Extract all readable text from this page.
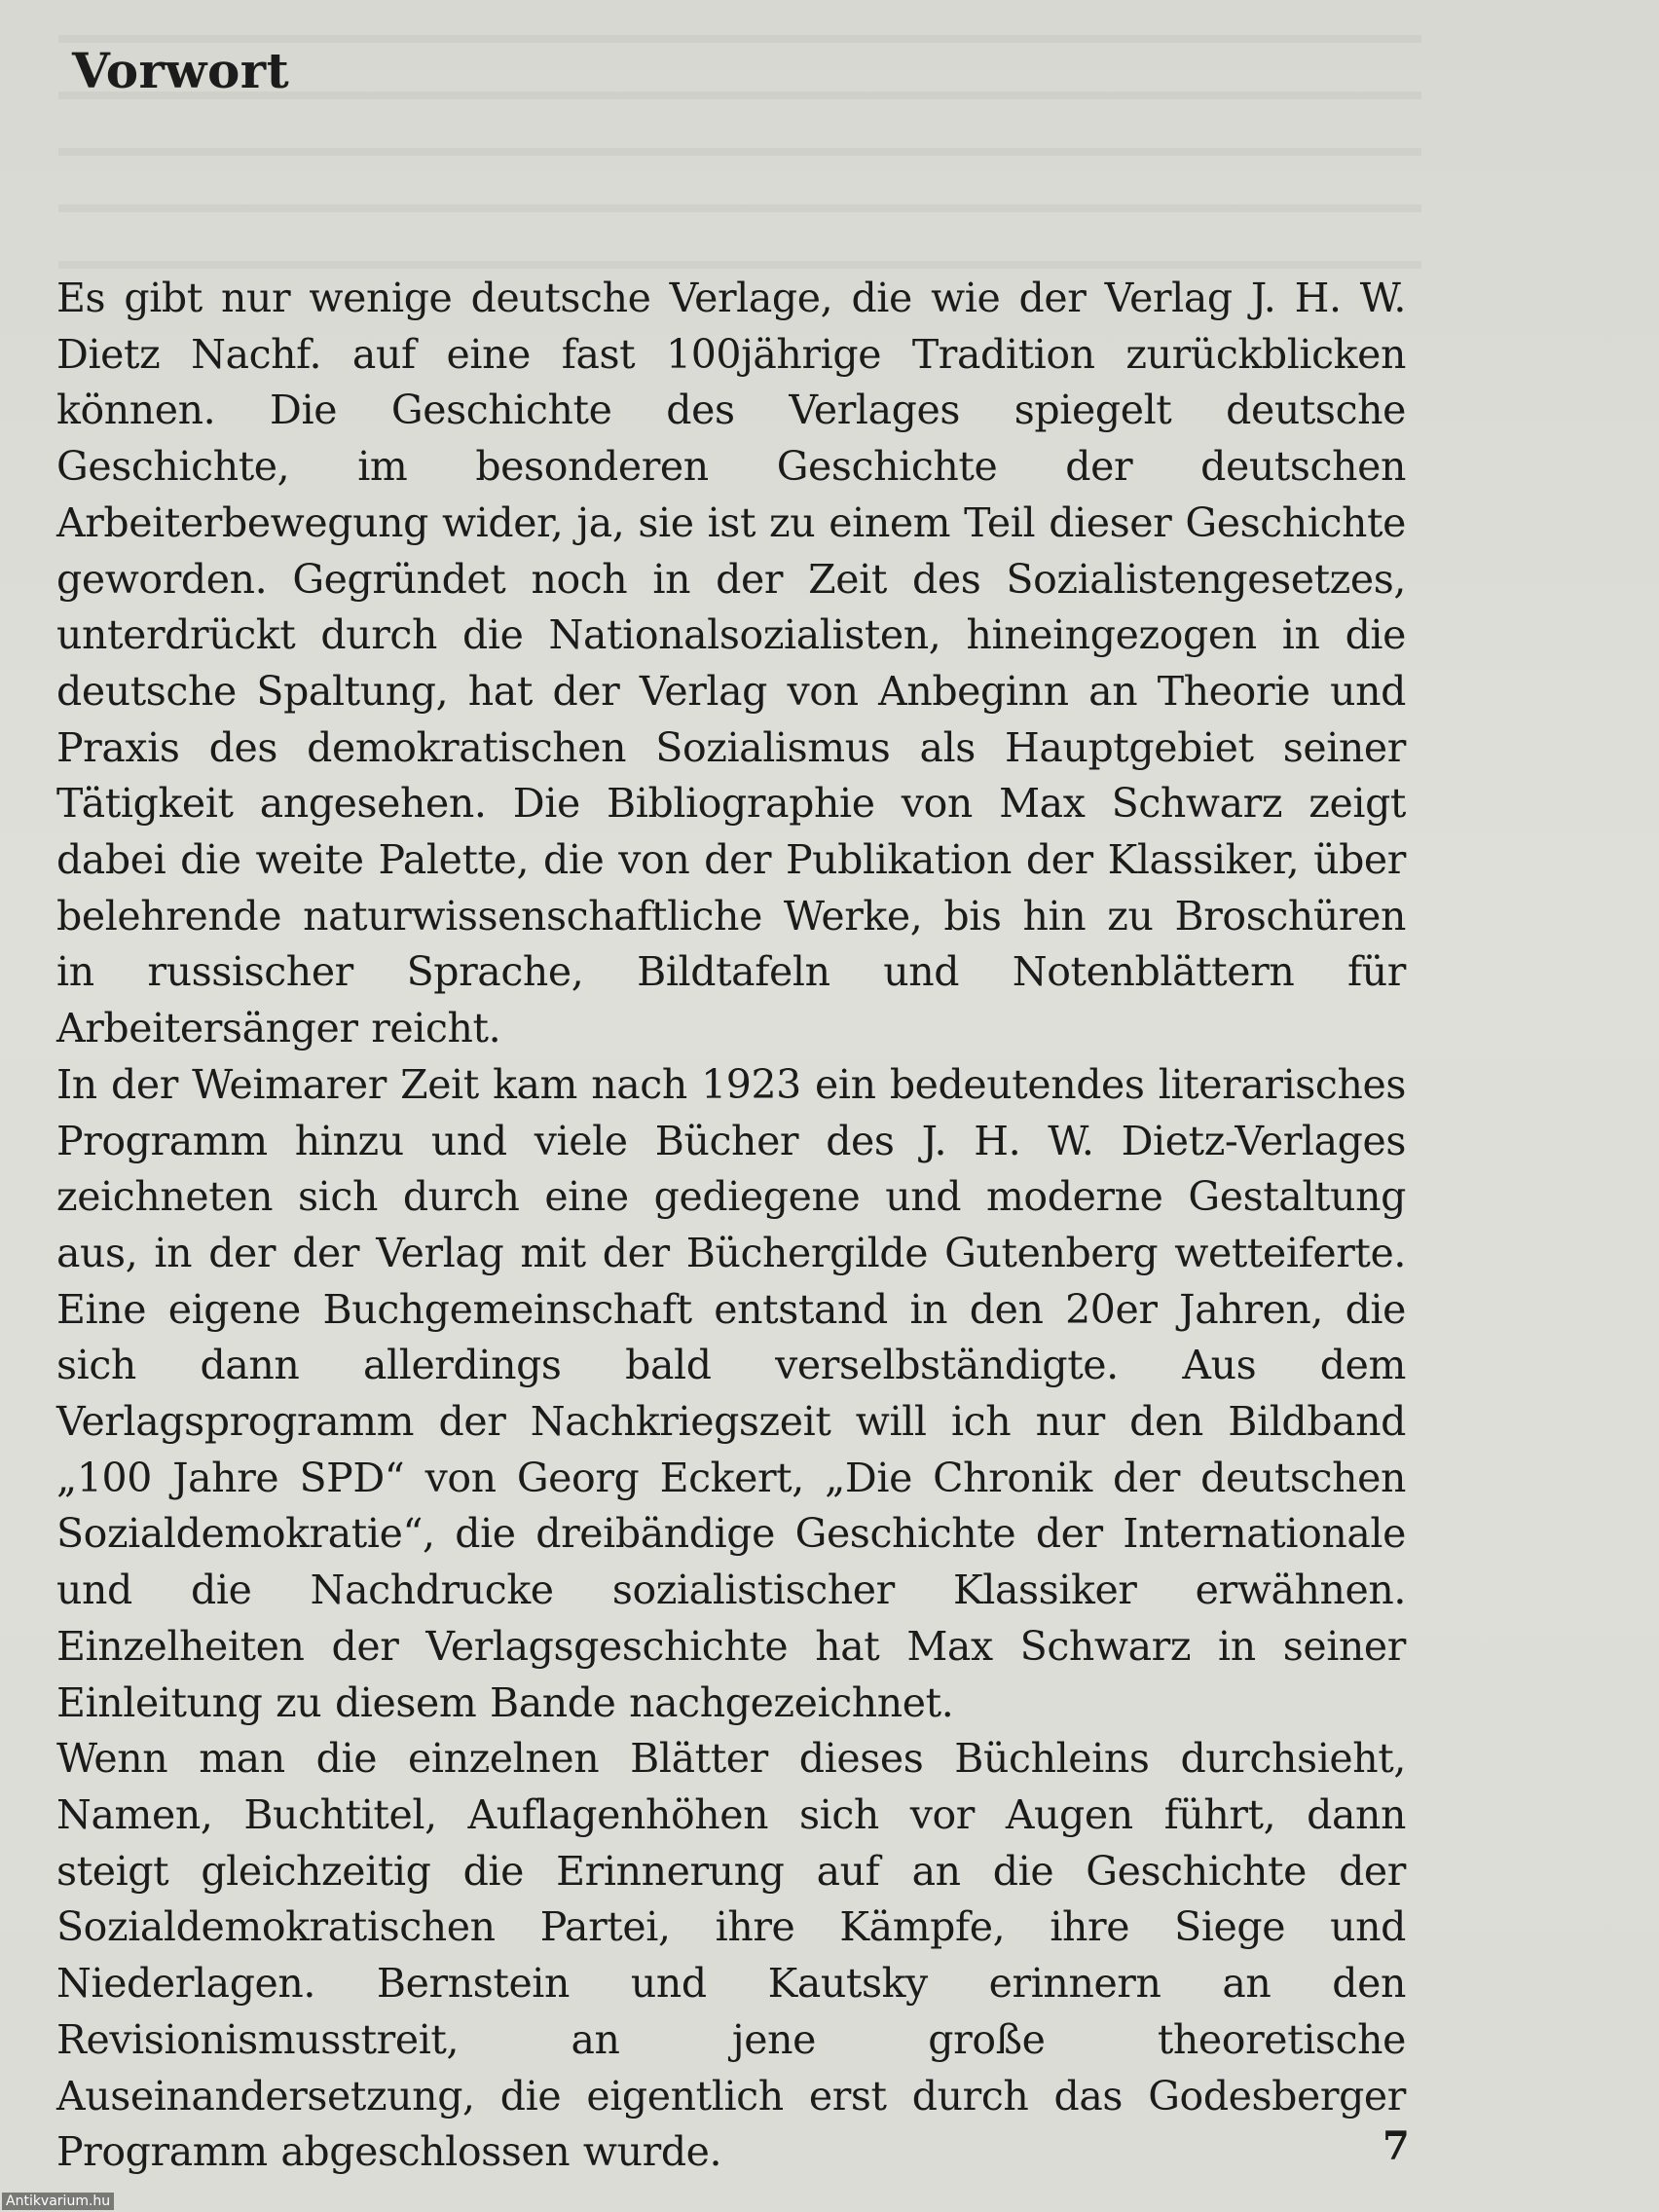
Vorwort

Es gibt nur wenige deutsche Verlage, die wie der Verlag J. H. W. Dietz Nachf. auf eine fast 100jährige Tradition zurückblicken können. Die Geschichte des Verlages spiegelt deutsche Geschichte, im besonderen Geschichte der deutschen Arbeiterbewegung wider, ja, sie ist zu einem Teil dieser Geschichte geworden. Gegründet noch in der Zeit des Sozialistengesetzes, unterdrückt durch die Nationalsozialisten, hineingezogen in die deutsche Spaltung, hat der Verlag von Anbeginn an Theorie und Praxis des demokratischen Sozialismus als Hauptgebiet seiner Tätigkeit angesehen. Die Bibliographie von Max Schwarz zeigt dabei die weite Palette, die von der Publikation der Klassiker, über belehrende naturwissenschaftliche Werke, bis hin zu Broschüren in russischer Sprache, Bildtafeln und Notenblättern für Arbeitersänger reicht.

In der Weimarer Zeit kam nach 1923 ein bedeutendes literarisches Programm hinzu und viele Bücher des J. H. W. Dietz-Verlages zeichneten sich durch eine gediegene und moderne Gestaltung aus, in der der Verlag mit der Büchergilde Gutenberg wetteiferte. Eine eigene Buchgemeinschaft entstand in den 20er Jahren, die sich dann allerdings bald verselbständigte. Aus dem Verlagsprogramm der Nachkriegszeit will ich nur den Bildband „100 Jahre SPD“ von Georg Eckert, „Die Chronik der deutschen Sozialdemokratie“, die dreibändige Geschichte der Internationale und die Nachdrucke sozialistischer Klassiker erwähnen. Einzelheiten der Verlagsgeschichte hat Max Schwarz in seiner Einleitung zu diesem Bande nachgezeichnet.

Wenn man die einzelnen Blätter dieses Büchleins durchsieht, Namen, Buchtitel, Auflagenhöhen sich vor Augen führt, dann steigt gleichzeitig die Erinnerung auf an die Geschichte der Sozialdemokratischen Partei, ihre Kämpfe, ihre Siege und Niederlagen. Bernstein und Kautsky erinnern an den Revisionismusstreit, an jene große theoretische Auseinandersetzung, die eigentlich erst durch das Godesberger Programm abgeschlossen wurde.	7
Antikvarium.hu
